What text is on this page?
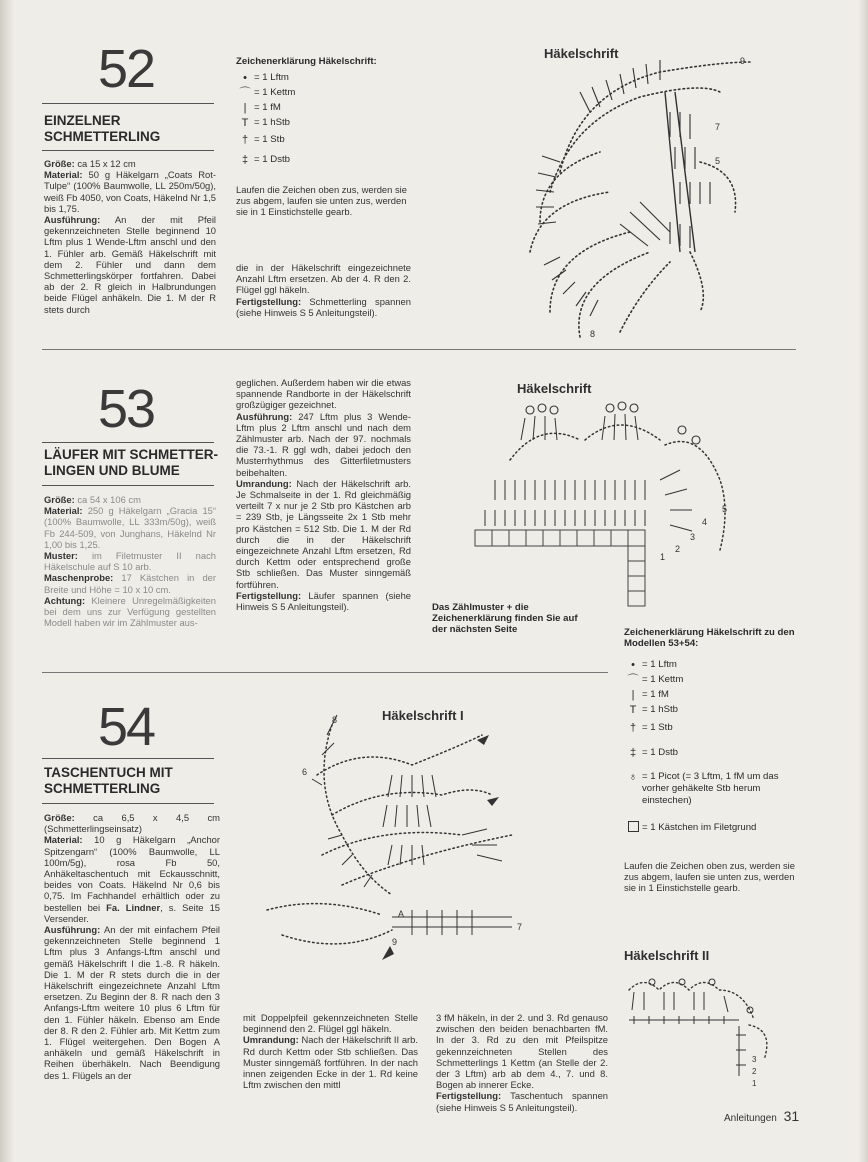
52
EINZELNER
SCHMETTERLING

Größe: ca 15 x 12 cm

Material: 50 g Häkelgarn „Coats Rot-Tulpe“ (100% Baumwolle, LL 250m/50g), weiß Fb 4050, von Coats, Häkelnd Nr 1,5 bis 1,75.

Ausführung: An der mit Pfeil gekennzeichneten Stelle beginnend 10 Lftm plus 1 Wende-Lftm anschl und den 1. Fühler arb. Gemäß Häkelschrift mit dem 2. Fühler und dann dem Schmetterlingskörper fortfahren. Dabei ab der 2. R gleich in Halbrundungen beide Flügel anhäkeln. Die 1. M der R stets durch

Zeichenerklärung Häkelschrift:
• = 1 Lftm
⌒ = 1 Kettm
| = 1 fM
T = 1 hStb
† = 1 Stb
‡ = 1 Dstb
Laufen die Zeichen oben zus, werden sie zus abgem, laufen sie unten zus, werden sie in 1 Einstichstelle gearb.

die in der Häkelschrift eingezeichnete Anzahl Lftm ersetzen. Ab der 4. R den 2. Flügel ggl häkeln.

Fertigstellung: Schmetterling spannen (siehe Hinweis S 5 Anleitungsteil).

Häkelschrift	9
7
5
8
53
LÄUFER MIT SCHMETTER-
LINGEN UND BLUME

Größe: ca 54 x 106 cm

Material: 250 g Häkelgarn „Gracia 15“ (100% Baumwolle, LL 333m/50g), weiß Fb 244-509, von Junghans, Häkelnd Nr 1,00 bis 1,25.

Muster: im Filetmuster II nach Häkelschule auf S 10 arb.

Maschenprobe: 17 Kästchen in der Breite und Höhe = 10 x 10 cm.

Achtung: Kleinere Unregelmäßigkeiten bei dem uns zur Verfügung gestellten Modell haben wir im Zählmuster aus-

geglichen. Außerdem haben wir die etwas spannende Randborte in der Häkelschrift großzügiger gezeichnet.

Ausführung: 247 Lftm plus 3 Wende-Lftm plus 2 Lftm anschl und nach dem Zählmuster arb. Nach der 97. nochmals die 73.-1. R ggl wdh, dabei jedoch den Musterrhythmus des Gitterfiletmusters beibehalten.

Umrandung: Nach der Häkelschrift arb. Je Schmalseite in der 1. Rd gleichmäßig verteilt 7 x nur je 2 Stb pro Kästchen arb = 239 Stb, je Längsseite 2x 1 Stb mehr pro Kästchen = 512 Stb. Die 1. M der Rd durch die in der Häkelschrift eingezeichnete Anzahl Lftm ersetzen, Rd durch Kettm oder entsprechend große Stb schließen. Das Muster sinngemäß fortführen.

Fertigstellung: Läufer spannen (siehe Hinweis S 5 Anleitungsteil).

Häkelschrift
5
4
3
2
1
Das Zählmuster + die Zeichenerklärung finden Sie auf der nächsten Seite	Zeichenerklärung Häkelschrift zu den Modellen 53+54:
• = 1 Lftm
⌒ = 1 Kettm
| = 1 fM
T = 1 hStb
† = 1 Stb
‡ = 1 Dstb
♁ = 1 Picot (= 3 Lftm, 1 fM um das vorher gehäkelte Stb herum einstechen)
= 1 Kästchen im Filetgrund
Laufen die Zeichen oben zus, werden sie zus abgem, laufen sie unten zus, werden sie in 1 Einstichstelle gearb.
54
TASCHENTUCH MIT
SCHMETTERLING

Größe: ca 6,5 x 4,5 cm (Schmetterlingseinsatz)

Material: 10 g Häkelgarn „Anchor Spitzengarn“ (100% Baumwolle, LL 100m/5g), rosa Fb 50, Anhäkeltaschentuch mit Eckausschnitt, beides von Coats. Häkelnd Nr 0,6 bis 0,75. Im Fachhandel erhältlich oder zu bestellen bei Fa. Lindner, s. Seite 15 Versender.

Ausführung: An der mit einfachem Pfeil gekennzeichneten Stelle beginnend 1 Lftm plus 3 Anfangs-Lftm anschl und gemäß Häkelschrift I die 1.-8. R häkeln. Die 1. M der R stets durch die in der Häkelschrift eingezeichnete Anzahl Lftm ersetzen. Zu Beginn der 8. R nach den 3 Anfangs-Lftm weitere 10 plus 6 Lftm für den 1. Fühler häkeln. Ebenso am Ende der 8. R den 2. Fühler arb. Mit Kettm zum 1. Flügel weitergehen. Den Bogen A anhäkeln und gemäß Häkelschrift in Reihen überhäkeln. Nach Beendigung des 1. Flügels an der

Häkelschrift I
8
6
A
9
7

mit Doppelpfeil gekennzeichneten Stelle beginnend den 2. Flügel ggl häkeln.

Umrandung: Nach der Häkelschrift II arb. Rd durch Kettm oder Stb schließen. Das Muster sinngemäß fortführen. In der nach innen zeigenden Ecke in der 1. Rd keine Lftm zwischen den mittl

3 fM häkeln, in der 2. und 3. Rd genauso zwischen den beiden benachbarten fM. In der 3. Rd zu den mit Pfeilspitze gekennzeichneten Stellen des Schmetterlings 1 Kettm (an Stelle der 2. der 3 Lftm) arb ab dem 4., 7. und 8. Bogen ab innerer Ecke.

Fertigstellung: Taschentuch spannen (siehe Hinweis S 5 Anleitungsteil).

Häkelschrift II
3
2
1
Anleitungen 31
